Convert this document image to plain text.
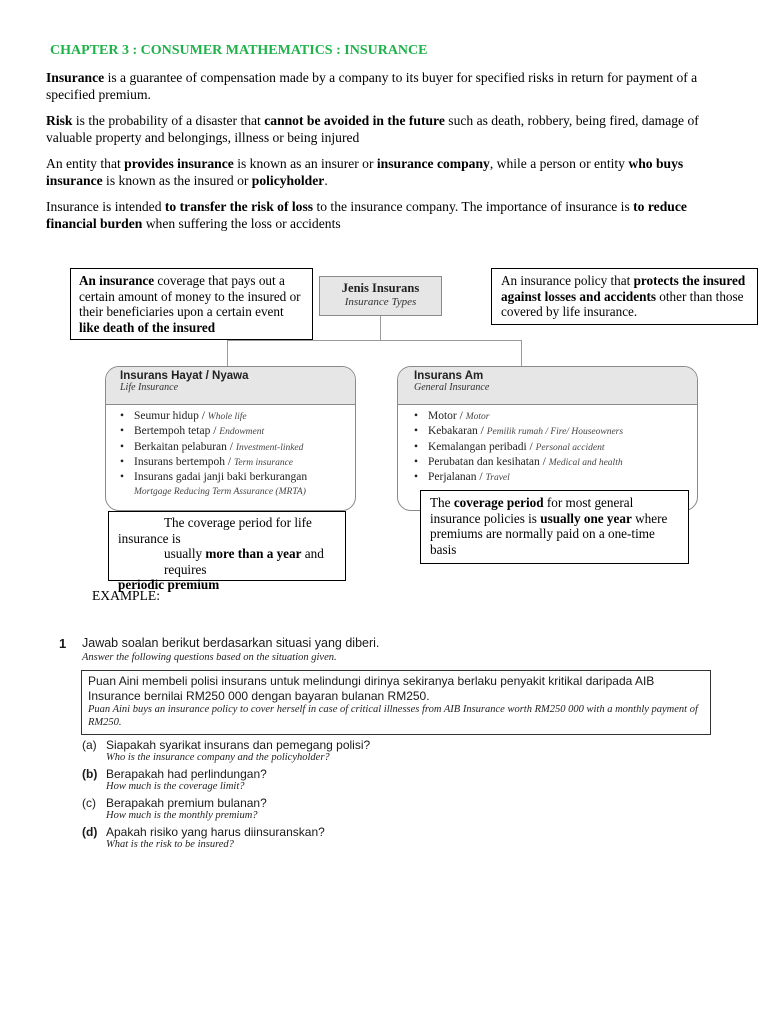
CHAPTER 3 : CONSUMER MATHEMATICS : INSURANCE
Insurance is a guarantee of compensation made by a company to its buyer for specified risks in return for payment of a specified premium.
Risk is the probability of a disaster that cannot be avoided in the future such as death, robbery, being fired, damage of valuable property and belongings, illness or being injured
An entity that provides insurance is known as an insurer or insurance company, while a person or entity who buys insurance is known as the insured or policyholder.
Insurance is intended to transfer the risk of loss to the insurance company. The importance of insurance is to reduce financial burden when suffering the loss or accidents
Jenis Insurans
Insurance Types
Insurans Hayat / Nyawa
Life Insurance
• Seumur hidup / Whole life
• Bertempoh tetap / Endowment
• Berkaitan pelaburan / Investment-linked
• Insurans bertempoh / Term insurance
• Insurans gadai janji baki berkurangan
Mortgage Reducing Term Assurance (MRTA)
Insurans Am
General Insurance
• Motor / Motor
• Kebakaran / Pemilik rumah / Fire/ Houseowners
• Kemalangan peribadi / Personal accident
• Perubatan dan kesihatan / Medical and health
• Perjalanan / Travel
An insurance coverage that pays out a certain amount of money to the insured or their beneficiaries upon a certain event like death of the insured
An insurance policy that protects the insured against losses and accidents other than those covered by life insurance.
The coverage period for life insurance is
usually more than a year and requires
periodic premium
The coverage period for most general insurance policies is usually one year where premiums are normally paid on a one-time basis
EXAMPLE:
1 Jawab soalan berikut berdasarkan situasi yang diberi.
Answer the following questions based on the situation given.
Puan Aini membeli polisi insurans untuk melindungi dirinya sekiranya berlaku penyakit kritikal daripada AIB Insurance bernilai RM250 000 dengan bayaran bulanan RM250.
Puan Aini buys an insurance policy to cover herself in case of critical illnesses from AIB Insurance worth RM250 000 with a monthly payment of RM250.
(a) Siapakah syarikat insurans dan pemegang polisi?
Who is the insurance company and the policyholder?
(b) Berapakah had perlindungan?
How much is the coverage limit?
(c) Berapakah premium bulanan?
How much is the monthly premium?
(d) Apakah risiko yang harus diinsuranskan?
What is the risk to be insured?
